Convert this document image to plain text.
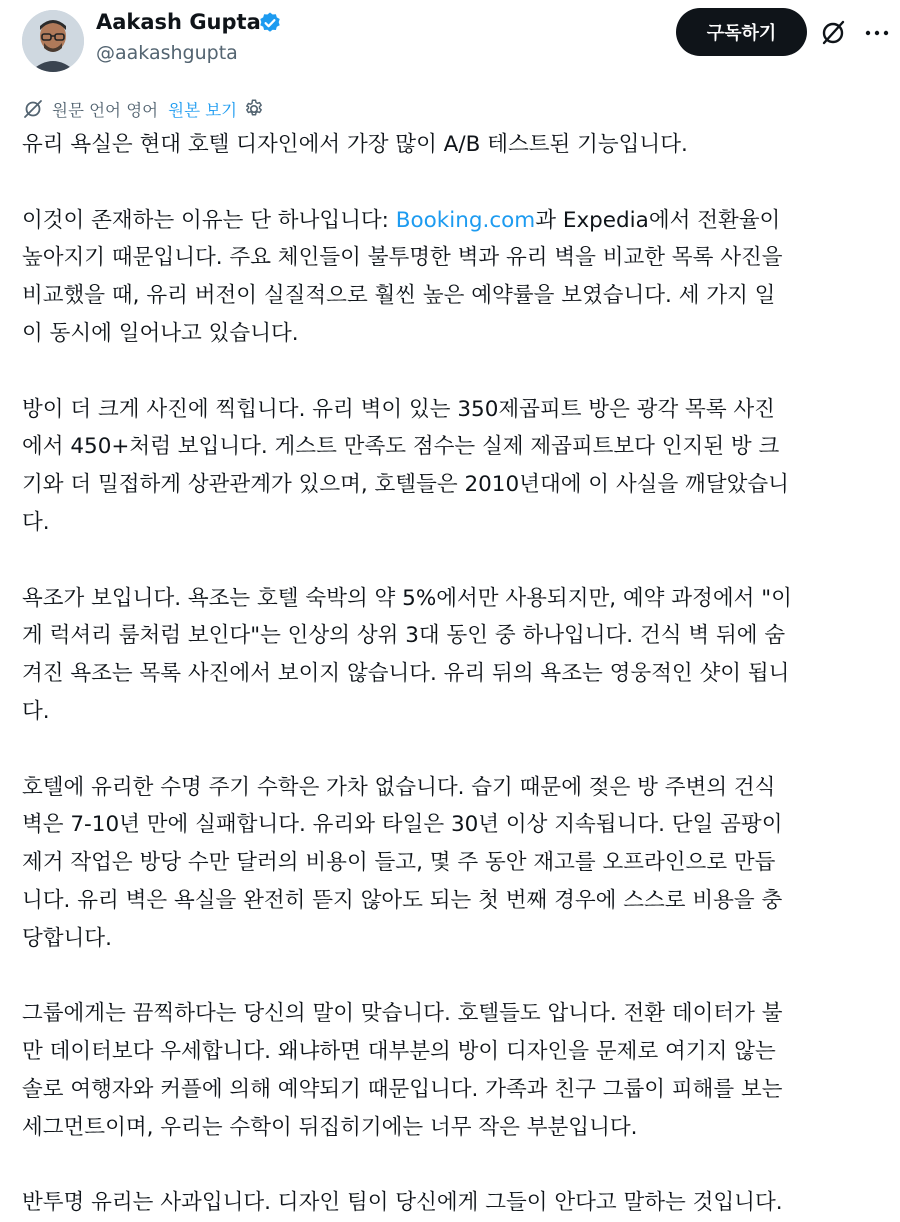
Aakash Gupta
@aakashgupta
구독하기
원문 언어 영어 원본 보기

유리 욕실은 현대 호텔 디자인에서 가장 많이 A/B 테스트된 기능입니다.

이것이 존재하는 이유는 단 하나입니다: Booking.com과 Expedia에서 전환율이
높아지기 때문입니다. 주요 체인들이 불투명한 벽과 유리 벽을 비교한 목록 사진을
비교했을 때, 유리 버전이 실질적으로 훨씬 높은 예약률을 보였습니다. 세 가지 일
이 동시에 일어나고 있습니다.

방이 더 크게 사진에 찍힙니다. 유리 벽이 있는 350제곱피트 방은 광각 목록 사진
에서 450+처럼 보입니다. 게스트 만족도 점수는 실제 제곱피트보다 인지된 방 크
기와 더 밀접하게 상관관계가 있으며, 호텔들은 2010년대에 이 사실을 깨달았습니
다.

욕조가 보입니다. 욕조는 호텔 숙박의 약 5%에서만 사용되지만, 예약 과정에서 "이
게 럭셔리 룸처럼 보인다"는 인상의 상위 3대 동인 중 하나입니다. 건식 벽 뒤에 숨
겨진 욕조는 목록 사진에서 보이지 않습니다. 유리 뒤의 욕조는 영웅적인 샷이 됩니
다.

호텔에 유리한 수명 주기 수학은 가차 없습니다. 습기 때문에 젖은 방 주변의 건식
벽은 7-10년 만에 실패합니다. 유리와 타일은 30년 이상 지속됩니다. 단일 곰팡이
제거 작업은 방당 수만 달러의 비용이 들고, 몇 주 동안 재고를 오프라인으로 만듭
니다. 유리 벽은 욕실을 완전히 뜯지 않아도 되는 첫 번째 경우에 스스로 비용을 충
당합니다.

그룹에게는 끔찍하다는 당신의 말이 맞습니다. 호텔들도 압니다. 전환 데이터가 불
만 데이터보다 우세합니다. 왜냐하면 대부분의 방이 디자인을 문제로 여기지 않는
솔로 여행자와 커플에 의해 예약되기 때문입니다. 가족과 친구 그룹이 피해를 보는
세그먼트이며, 우리는 수학이 뒤집히기에는 너무 작은 부분입니다.

반투명 유리는 사과입니다. 디자인 팀이 당신에게 그들이 안다고 말하는 것입니다.
